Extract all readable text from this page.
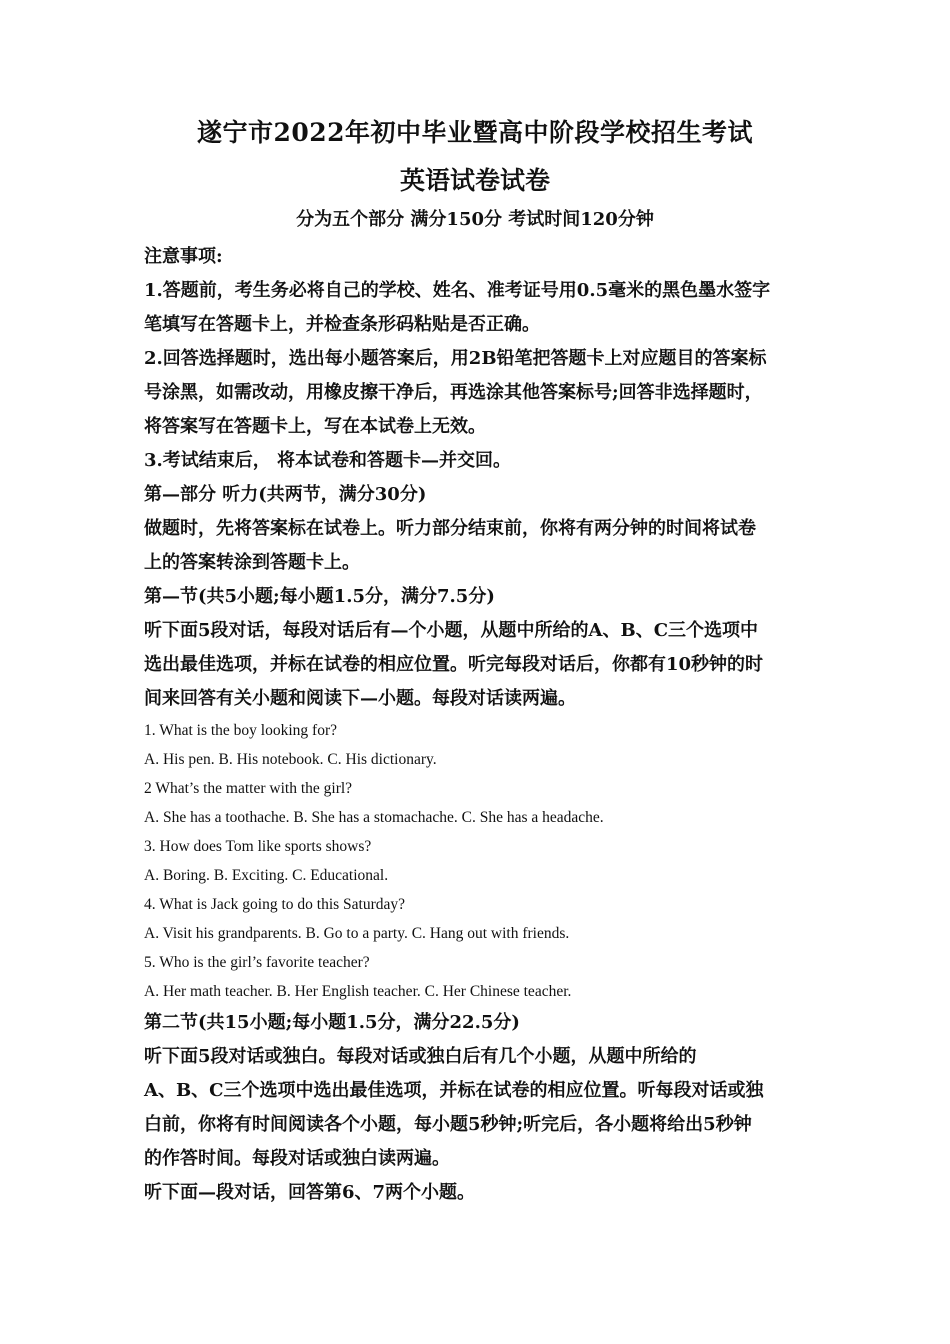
遂宁市2022年初中毕业暨高中阶段学校招生考试
英语试卷试卷
分为五个部分 满分150分 考试时间120分钟

注意事项:

1.答题前，考生务必将自己的学校、姓名、准考证号用0.5毫米的黑色墨水签字

笔填写在答题卡上，并检查条形码粘贴是否正确。

2.回答选择题时，选出每小题答案后，用2B铅笔把答题卡上对应题目的答案标

号涂黑，如需改动，用橡皮擦干净后，再选涂其他答案标号;回答非选择题时，

将答案写在答题卡上，写在本试卷上无效。

3.考试结束后， 将本试卷和答题卡—并交回。

第—部分 听力(共两节，满分30分)

做题时，先将答案标在试卷上。听力部分结束前，你将有两分钟的时间将试卷

上的答案转涂到答题卡上。

第—节(共5小题;每小题1.5分，满分7.5分)

听下面5段对话，每段对话后有—个小题，从题中所给的A、B、C三个选项中

选出最佳选项，并标在试卷的相应位置。听完每段对话后，你都有10秒钟的时

间来回答有关小题和阅读下—小题。每段对话读两遍。

1. What is the boy looking for?

A. His pen. B. His notebook. C. His dictionary.

2 What’s the matter with the girl?

A. She has a toothache. B. She has a stomachache. C. She has a headache.

3. How does Tom like sports shows?

A. Boring. B. Exciting. C. Educational.

4. What is Jack going to do this Saturday?

A. Visit his grandparents. B. Go to a party. C. Hang out with friends.

5. Who is the girl’s favorite teacher?

A. Her math teacher. B. Her English teacher. C. Her Chinese teacher.

第二节(共15小题;每小题1.5分，满分22.5分)

听下面5段对话或独白。每段对话或独白后有几个小题，从题中所给的

A、B、C三个选项中选出最佳选项，并标在试卷的相应位置。听每段对话或独

白前，你将有时间阅读各个小题，每小题5秒钟;听完后，各小题将给出5秒钟

的作答时间。每段对话或独白读两遍。

听下面—段对话，回答第6、7两个小题。
